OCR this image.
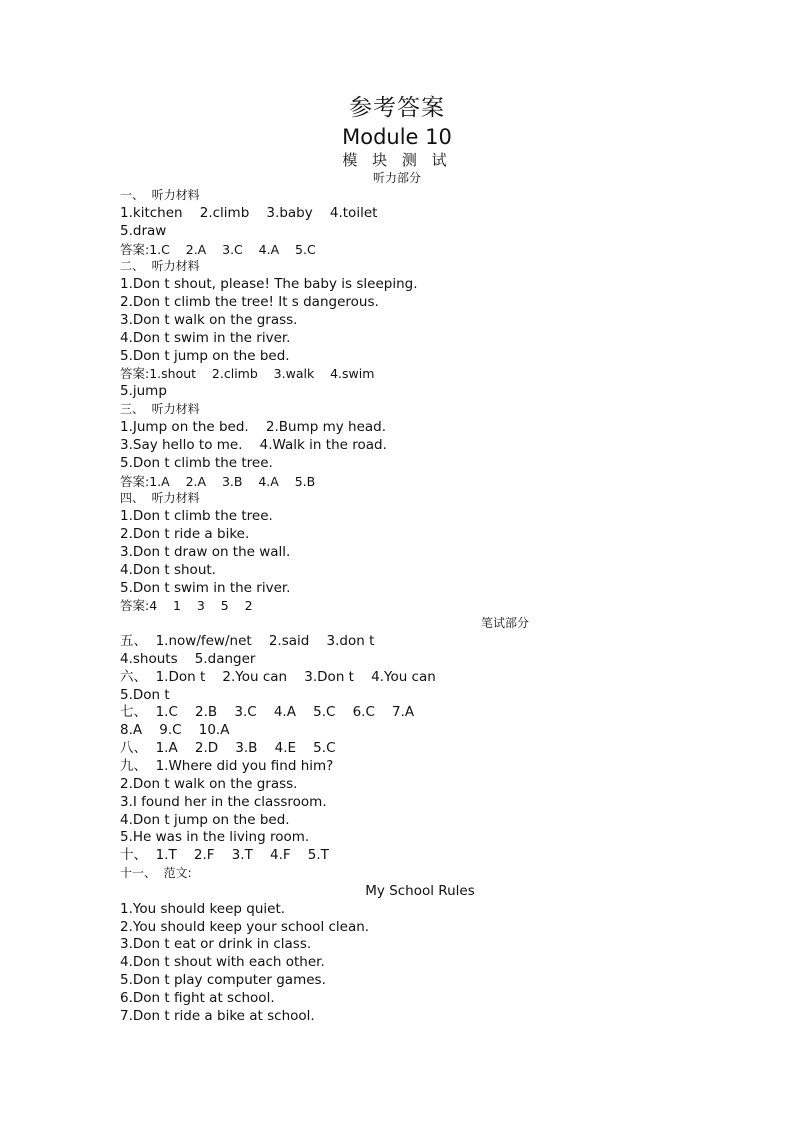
参考答案
Module 10
模 块 测 试
听力部分
一、  听力材料
1.kitchen    2.climb    3.baby    4.toilet
5.draw
答案:1.C    2.A    3.C    4.A    5.C
二、  听力材料
1.Don t shout, please! The baby is sleeping.
2.Don t climb the tree! It s dangerous.
3.Don t walk on the grass.
4.Don t swim in the river.
5.Don t jump on the bed.
答案:1.shout    2.climb    3.walk    4.swim
5.jump
三、  听力材料
1.Jump on the bed.    2.Bump my head.
3.Say hello to me.    4.Walk in the road.
5.Don t climb the tree.
答案:1.A    2.A    3.B    4.A    5.B
四、  听力材料
1.Don t climb the tree.
2.Don t ride a bike.
3.Don t draw on the wall.
4.Don t shout.
5.Don t swim in the river.
答案:4    1    3    5    2
笔试部分
五、  1.now/few/net    2.said    3.don t
4.shouts    5.danger
六、  1.Don t    2.You can    3.Don t    4.You can
5.Don t
七、  1.C    2.B    3.C    4.A    5.C    6.C    7.A
8.A    9.C    10.A
八、  1.A    2.D    3.B    4.E    5.C
九、  1.Where did you find him?
2.Don t walk on the grass.
3.I found her in the classroom.
4.Don t jump on the bed.
5.He was in the living room.
十、  1.T    2.F    3.T    4.F    5.T
十一、  范文:
My School Rules
1.You should keep quiet.
2.You should keep your school clean.
3.Don t eat or drink in class.
4.Don t shout with each other.
5.Don t play computer games.
6.Don t fight at school.
7.Don t ride a bike at school.
